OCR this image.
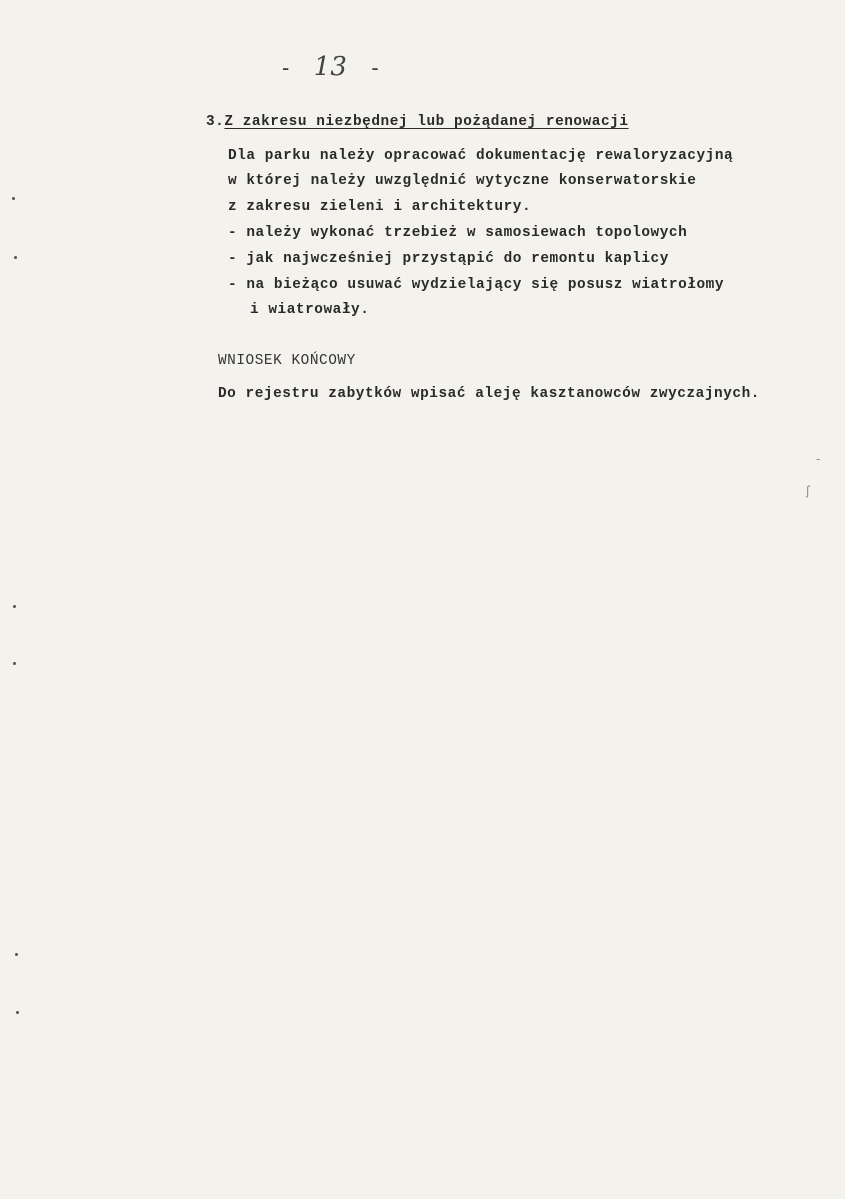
- 13 -
3.Z zakresu niezbędnej lub pożądanej renowacji
Dla parku należy opracować dokumentację rewaloryzacyjną
w której należy uwzględnić wytyczne konserwatorskie
z zakresu zieleni i architektury.
- należy wykonać trzebież w samosiewach topolowych
- jak najwcześniej przystąpić do remontu kaplicy
- na bieżąco usuwać wydzielający się posusz wiatrołomy
i wiatrowały.
WNIOSEK KOŃCOWY
Do rejestru zabytków wpisać aleję kasztanowców zwyczajnych.
ʃ
-
